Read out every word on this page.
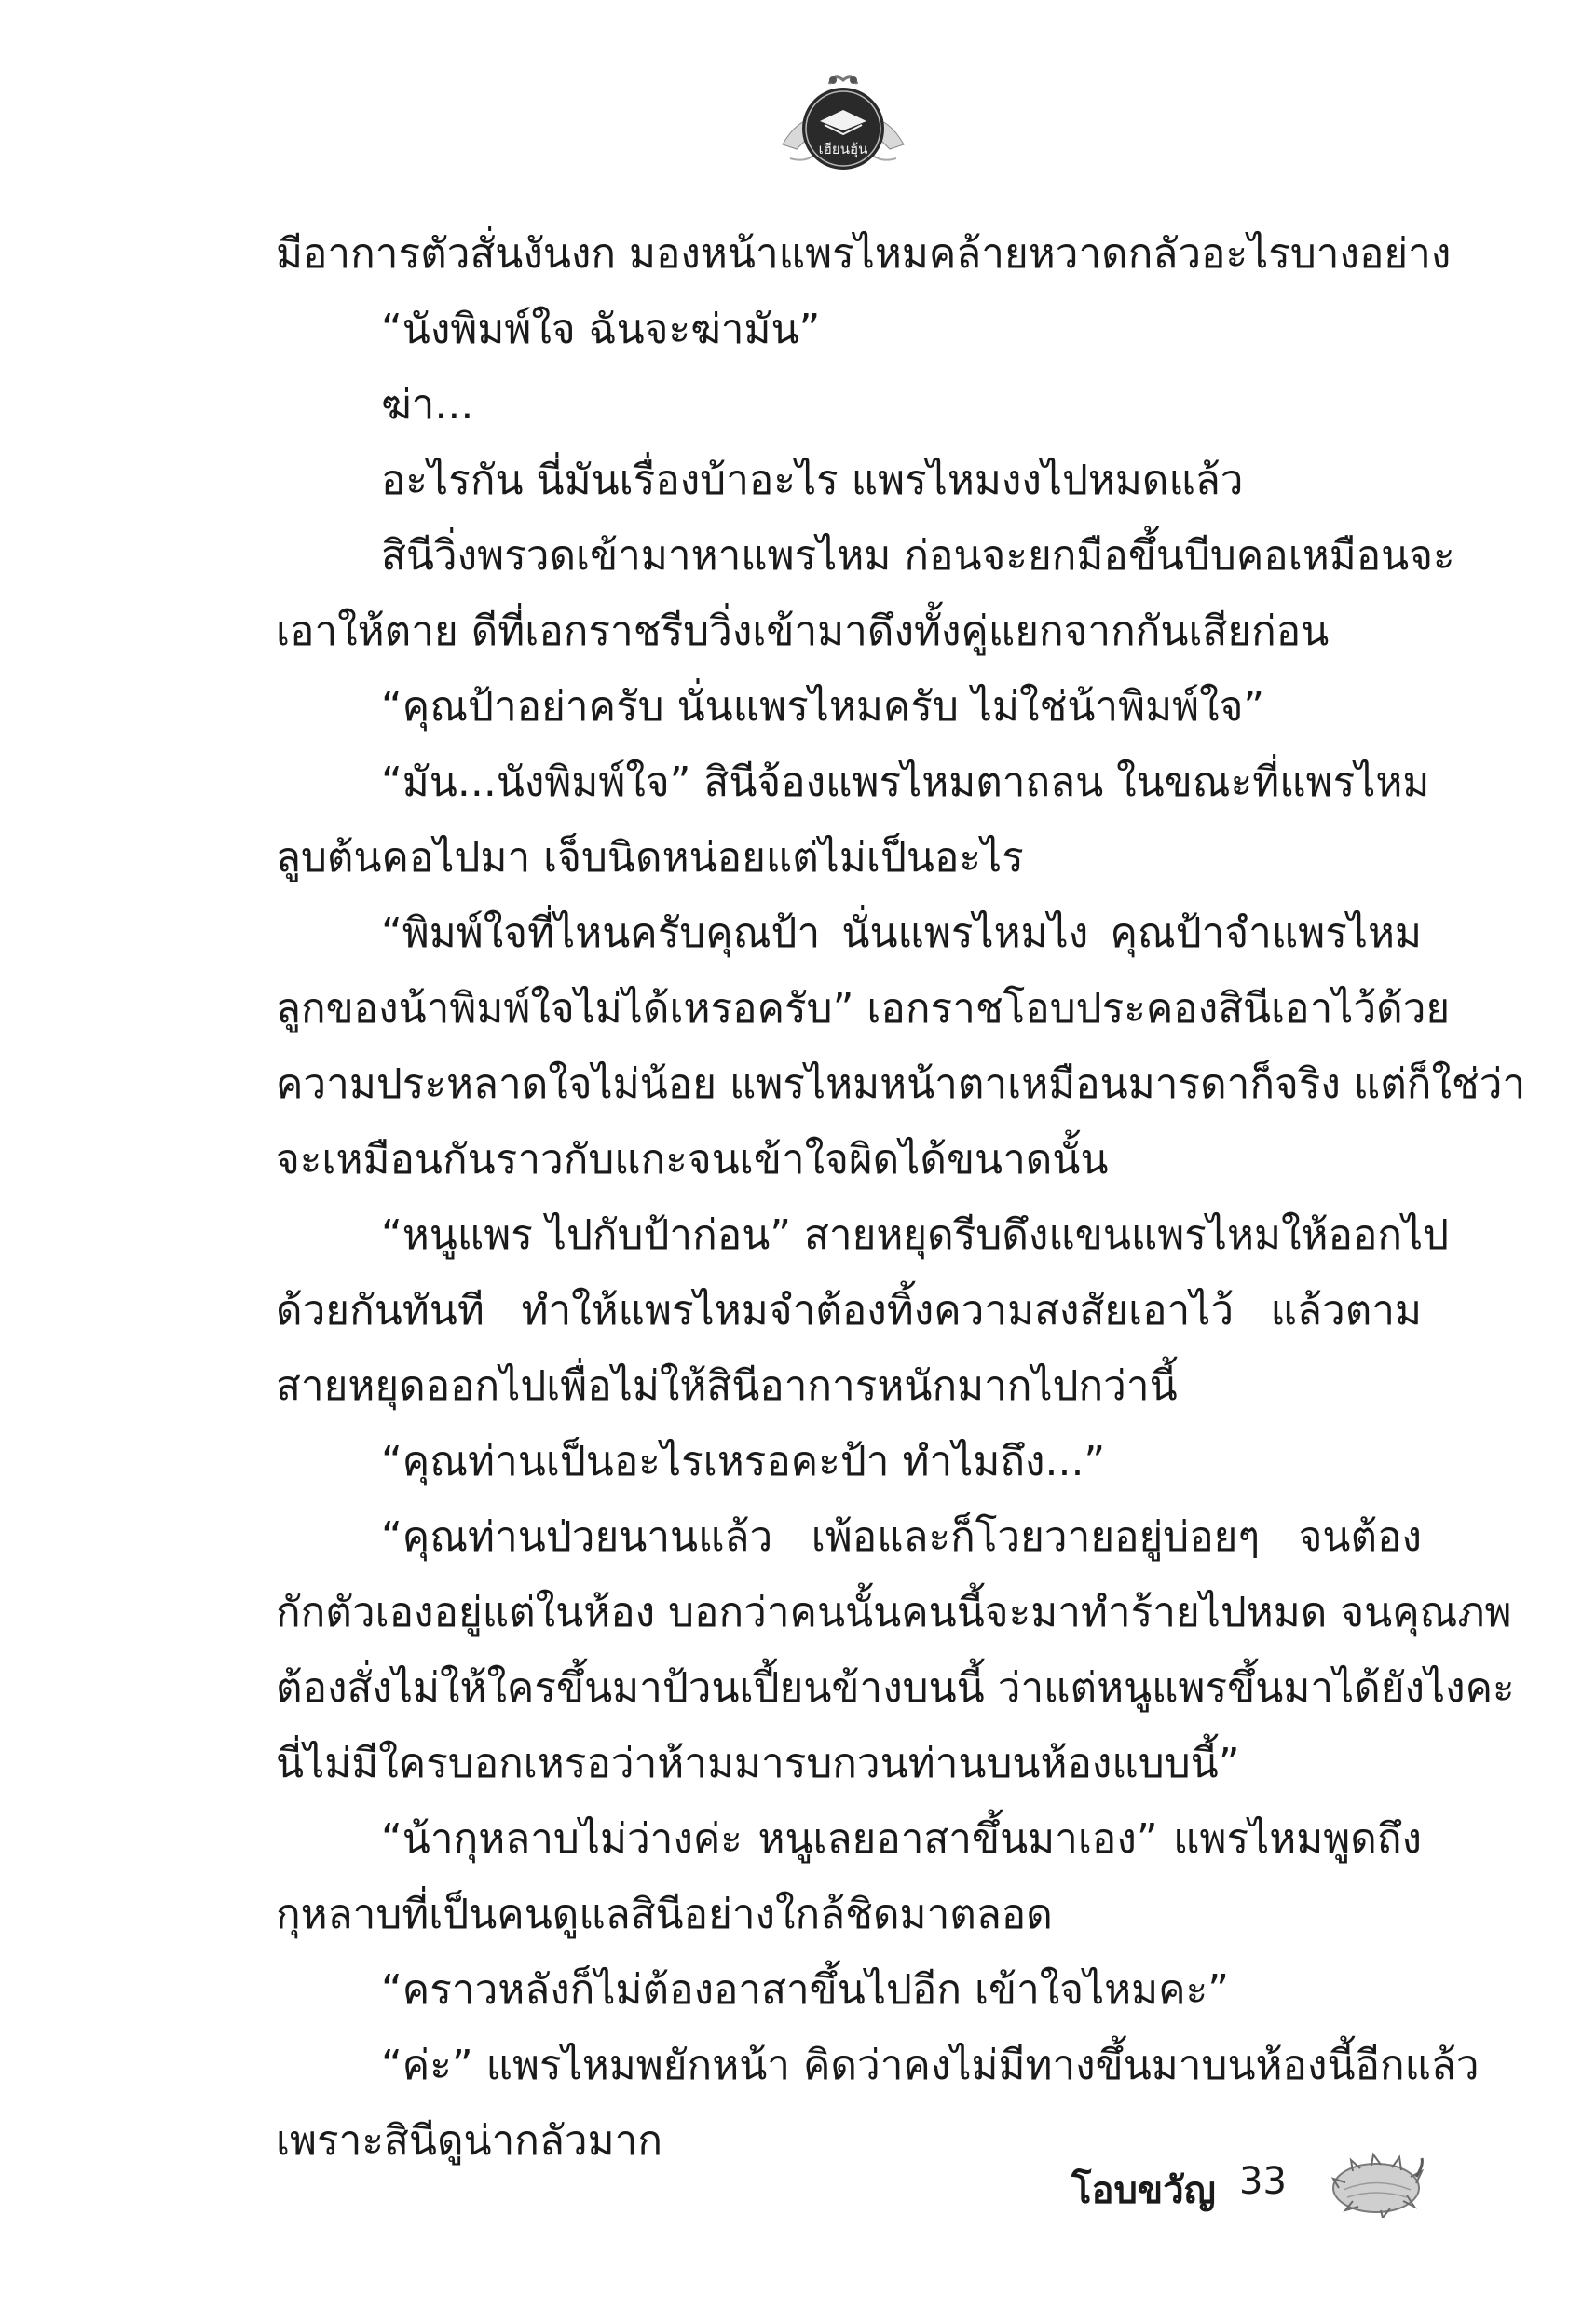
เฮียนฮุ้น
มีอาการตัวสั่นงันงก มองหน้าแพรไหมคล้ายหวาดกลัวอะไรบางอย่าง
“นังพิมพ์ใจ ฉันจะฆ่ามัน”
ฆ่า...
อะไรกัน นี่มันเรื่องบ้าอะไร แพรไหมงงไปหมดแล้ว
สินีวิ่งพรวดเข้ามาหาแพรไหม ก่อนจะยกมือขึ้นบีบคอเหมือนจะ
เอาให้ตาย ดีที่เอกราชรีบวิ่งเข้ามาดึงทั้งคู่แยกจากกันเสียก่อน
“คุณป้าอย่าครับ นั่นแพรไหมครับ ไม่ใช่น้าพิมพ์ใจ”
“มัน...นังพิมพ์ใจ” สินีจ้องแพรไหมตาถลน ในขณะที่แพรไหม
ลูบต้นคอไปมา เจ็บนิดหน่อยแต่ไม่เป็นอะไร
“พิมพ์ใจที่ไหนครับคุณป้า นั่นแพรไหมไง คุณป้าจำแพรไหม
ลูกของน้าพิมพ์ใจไม่ได้เหรอครับ” เอกราชโอบประคองสินีเอาไว้ด้วย
ความประหลาดใจไม่น้อย แพรไหมหน้าตาเหมือนมารดาก็จริง แต่ก็ใช่ว่า
จะเหมือนกันราวกับแกะจนเข้าใจผิดได้ขนาดนั้น
“หนูแพร ไปกับป้าก่อน” สายหยุดรีบดึงแขนแพรไหมให้ออกไป
ด้วยกันทันที ทำให้แพรไหมจำต้องทิ้งความสงสัยเอาไว้ แล้วตาม
สายหยุดออกไปเพื่อไม่ให้สินีอาการหนักมากไปกว่านี้
“คุณท่านเป็นอะไรเหรอคะป้า ทำไมถึง...”
“คุณท่านป่วยนานแล้ว เพ้อและก็โวยวายอยู่บ่อยๆ จนต้อง
กักตัวเองอยู่แต่ในห้อง บอกว่าคนนั้นคนนี้จะมาทำร้ายไปหมด จนคุณภพ
ต้องสั่งไม่ให้ใครขึ้นมาป้วนเปี้ยนข้างบนนี้ ว่าแต่หนูแพรขึ้นมาได้ยังไงคะ
นี่ไม่มีใครบอกเหรอว่าห้ามมารบกวนท่านบนห้องแบบนี้”
“น้ากุหลาบไม่ว่างค่ะ หนูเลยอาสาขึ้นมาเอง” แพรไหมพูดถึง
กุหลาบที่เป็นคนดูแลสินีอย่างใกล้ชิดมาตลอด
“คราวหลังก็ไม่ต้องอาสาขึ้นไปอีก เข้าใจไหมคะ”
“ค่ะ” แพรไหมพยักหน้า คิดว่าคงไม่มีทางขึ้นมาบนห้องนี้อีกแล้ว
เพราะสินีดูน่ากลัวมาก
โอบขวัญ 33
